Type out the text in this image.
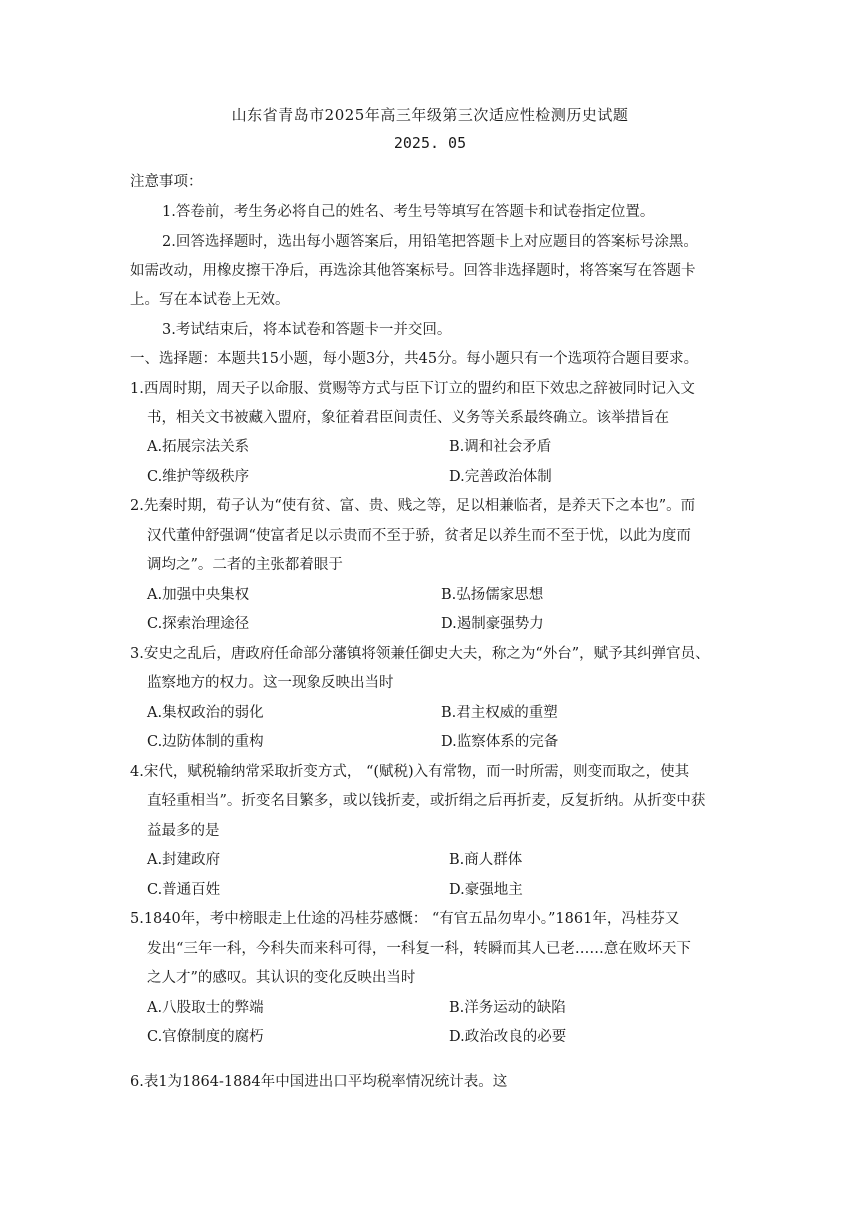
山东省青岛市2025年高三年级第三次适应性检测历史试题
2025. 05
注意事项：
1.答卷前，考生务必将自己的姓名、考生号等填写在答题卡和试卷指定位置。
2.回答选择题时，选出每小题答案后，用铅笔把答题卡上对应题目的答案标号涂黑。
如需改动，用橡皮擦干净后，再选涂其他答案标号。回答非选择题时，将答案写在答题卡
上。写在本试卷上无效。
3.考试结束后，将本试卷和答题卡一并交回。
一、选择题：本题共15小题，每小题3分，共45分。每小题只有一个选项符合题目要求。
1.西周时期，周天子以命服、赏赐等方式与臣下订立的盟约和臣下效忠之辞被同时记入文
书，相关文书被藏入盟府，象征着君臣间责任、义务等关系最终确立。该举措旨在
A.拓展宗法关系	B.调和社会矛盾
C.维护等级秩序	D.完善政治体制
2.先秦时期，荀子认为“使有贫、富、贵、贱之等，足以相兼临者，是养天下之本也”。而
汉代董仲舒强调“使富者足以示贵而不至于骄，贫者足以养生而不至于忧，以此为度而
调均之”。二者的主张都着眼于
A.加强中央集权	B.弘扬儒家思想
C.探索治理途径	D.遏制豪强势力
3.安史之乱后，唐政府任命部分藩镇将领兼任御史大夫，称之为“外台”，赋予其纠弹官员、
监察地方的权力。这一现象反映出当时
A.集权政治的弱化	B.君主权威的重塑
C.边防体制的重构	D.监察体系的完备
4.宋代，赋税输纳常采取折变方式， “(赋税)入有常物，而一时所需，则变而取之，使其
直轻重相当”。折变名目繁多，或以钱折麦，或折绢之后再折麦，反复折纳。从折变中获
益最多的是
A.封建政府	B.商人群体
C.普通百姓	D.豪强地主
5.1840年，考中榜眼走上仕途的冯桂芬感慨： “有官五品勿卑小。”1861年，冯桂芬又
发出“三年一科，今科失而来科可得，一科复一科，转瞬而其人已老……意在败坏天下
之人才”的感叹。其认识的变化反映出当时
A.八股取士的弊端	B.洋务运动的缺陷
C.官僚制度的腐朽	D.政治改良的必要
6.表1为1864-1884年中国进出口平均税率情况统计表。这
